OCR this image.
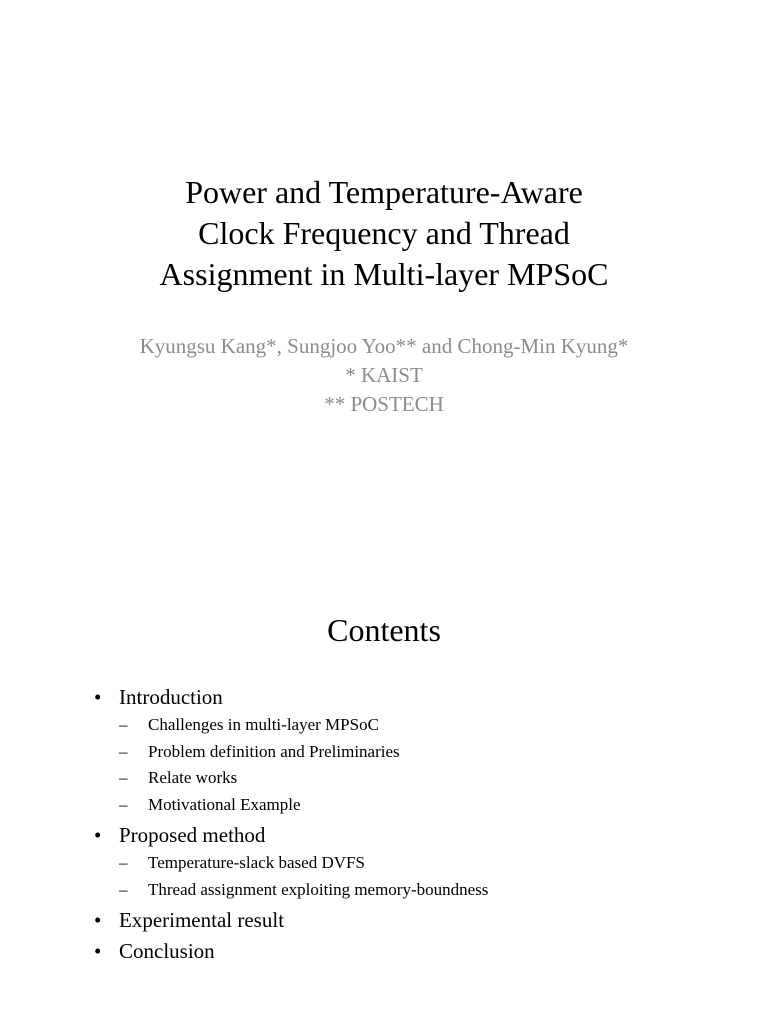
Power and Temperature-Aware
Clock Frequency and Thread
Assignment in Multi-layer MPSoC
Kyungsu Kang*, Sungjoo Yoo** and Chong-Min Kyung*
* KAIST
** POSTECH
Contents
• Introduction
– Challenges in multi-layer MPSoC
– Problem definition and Preliminaries
– Relate works
– Motivational Example
• Proposed method
– Temperature-slack based DVFS
– Thread assignment exploiting memory-boundness
• Experimental result
• Conclusion
